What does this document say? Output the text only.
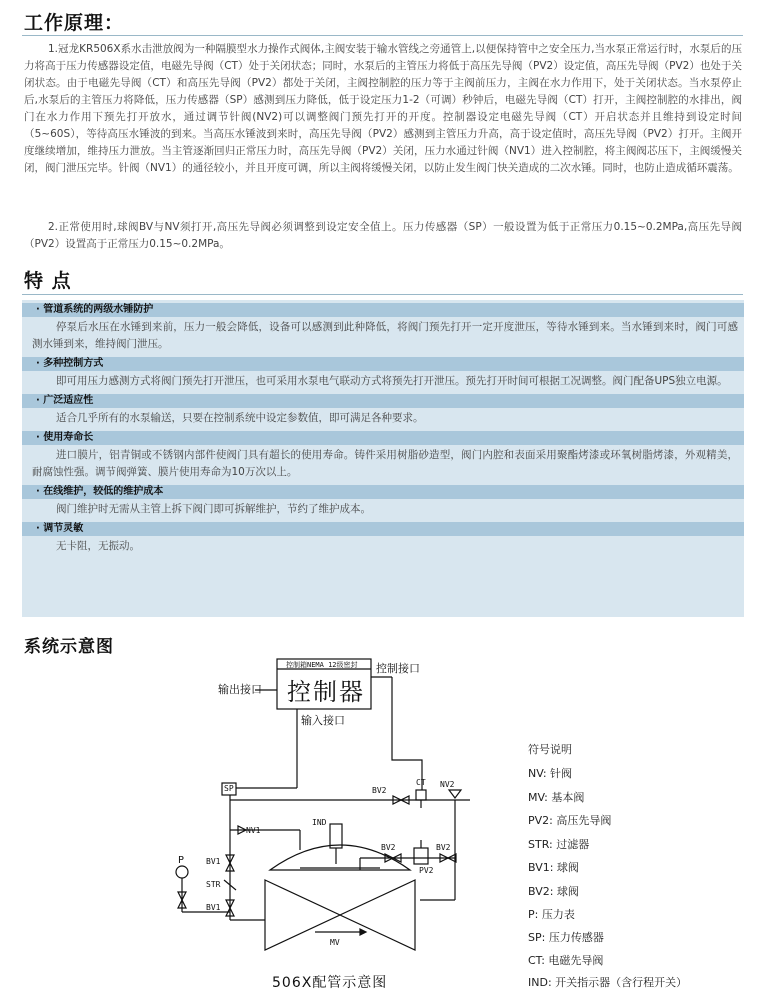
工作原理：

1.冠龙KR506X系水击泄放阀为一种隔膜型水力操作式阀体,主阀安装于输水管线之旁通管上,以便保持管中之安全压力,当水泵正常运行时，水泵后的压力将高于压力传感器设定值，电磁先导阀（CT）处于关闭状态；同时，水泵后的主管压力将低于高压先导阀（PV2）设定值，高压先导阀（PV2）也处于关闭状态。由于电磁先导阀（CT）和高压先导阀（PV2）都处于关闭，主阀控制腔的压力等于主阀前压力，主阀在水力作用下，处于关闭状态。当水泵停止后,水泵后的主管压力将降低，压力传感器（SP）感测到压力降低，低于设定压力1-2（可调）秒钟后，电磁先导阀（CT）打开，主阀控制腔的水排出，阀门在水力作用下预先打开放水，通过调节针阀(NV2)可以调整阀门预先打开的开度。控制器设定电磁先导阀（CT）开启状态并且维持到设定时间（5~60S），等待高压水锤波的到来。当高压水锤波到来时，高压先导阀（PV2）感测到主管压力升高，高于设定值时，高压先导阀（PV2）打开。主阀开度继续增加，维持压力泄放。当主管逐渐回归正常压力时，高压先导阀（PV2）关闭，压力水通过针阀（NV1）进入控制腔，将主阀阀芯压下，主阀缓慢关闭，阀门泄压完毕。针阀（NV1）的通径较小，并且开度可调，所以主阀将缓慢关闭，以防止发生阀门快关造成的二次水锤。同时，也防止造成循环震荡。

2.正常使用时,球阀BV与NV须打开,高压先导阀必须调整到设定安全值上。压力传感器（SP）一般设置为低于正常压力0.15~0.2MPa,高压先导阀（PV2）设置高于正常压力0.15~0.2MPa。

特 点
· 管道系统的两级水锤防护
停泵后水压在水锤到来前，压力一般会降低，设备可以感测到此种降低，将阀门预先打开一定开度泄压，等待水锤到来。当水锤到来时，阀门可感测水锤到来，维持阀门泄压。
· 多种控制方式
即可用压力感测方式将阀门预先打开泄压，也可采用水泵电气联动方式将预先打开泄压。预先打开时间可根据工况调整。阀门配备UPS独立电源。
· 广泛适应性
适合几乎所有的水泵输送，只要在控制系统中设定参数值，即可满足各种要求。
· 使用寿命长
进口膜片，铝青铜或不锈钢内部件使阀门具有超长的使用寿命。铸件采用树脂砂造型，阀门内腔和表面采用聚酯烤漆或环氧树脂烤漆，外观精美，耐腐蚀性强。调节阀弹簧、膜片使用寿命为10万次以上。
· 在线维护，较低的维护成本
阀门维护时无需从主管上拆下阀门即可拆解维护，节约了维护成本。
· 调节灵敏
无卡阻，无振动。
系统示意图
控制箱NEMA 12级密封
控制器
输出接口
控制接口
输入接口
SP
CT NV2
BV2
NV1
IND
BV2	BV2
PV2
P	BV1
STR
BV1
MV
506X配管示意图
符号说明
NV: 针阀
MV: 基本阀
PV2: 高压先导阀
STR: 过滤器
BV1: 球阀
BV2: 球阀
P: 压力表
SP: 压力传感器
CT: 电磁先导阀
IND: 开关指示器（含行程开关）
